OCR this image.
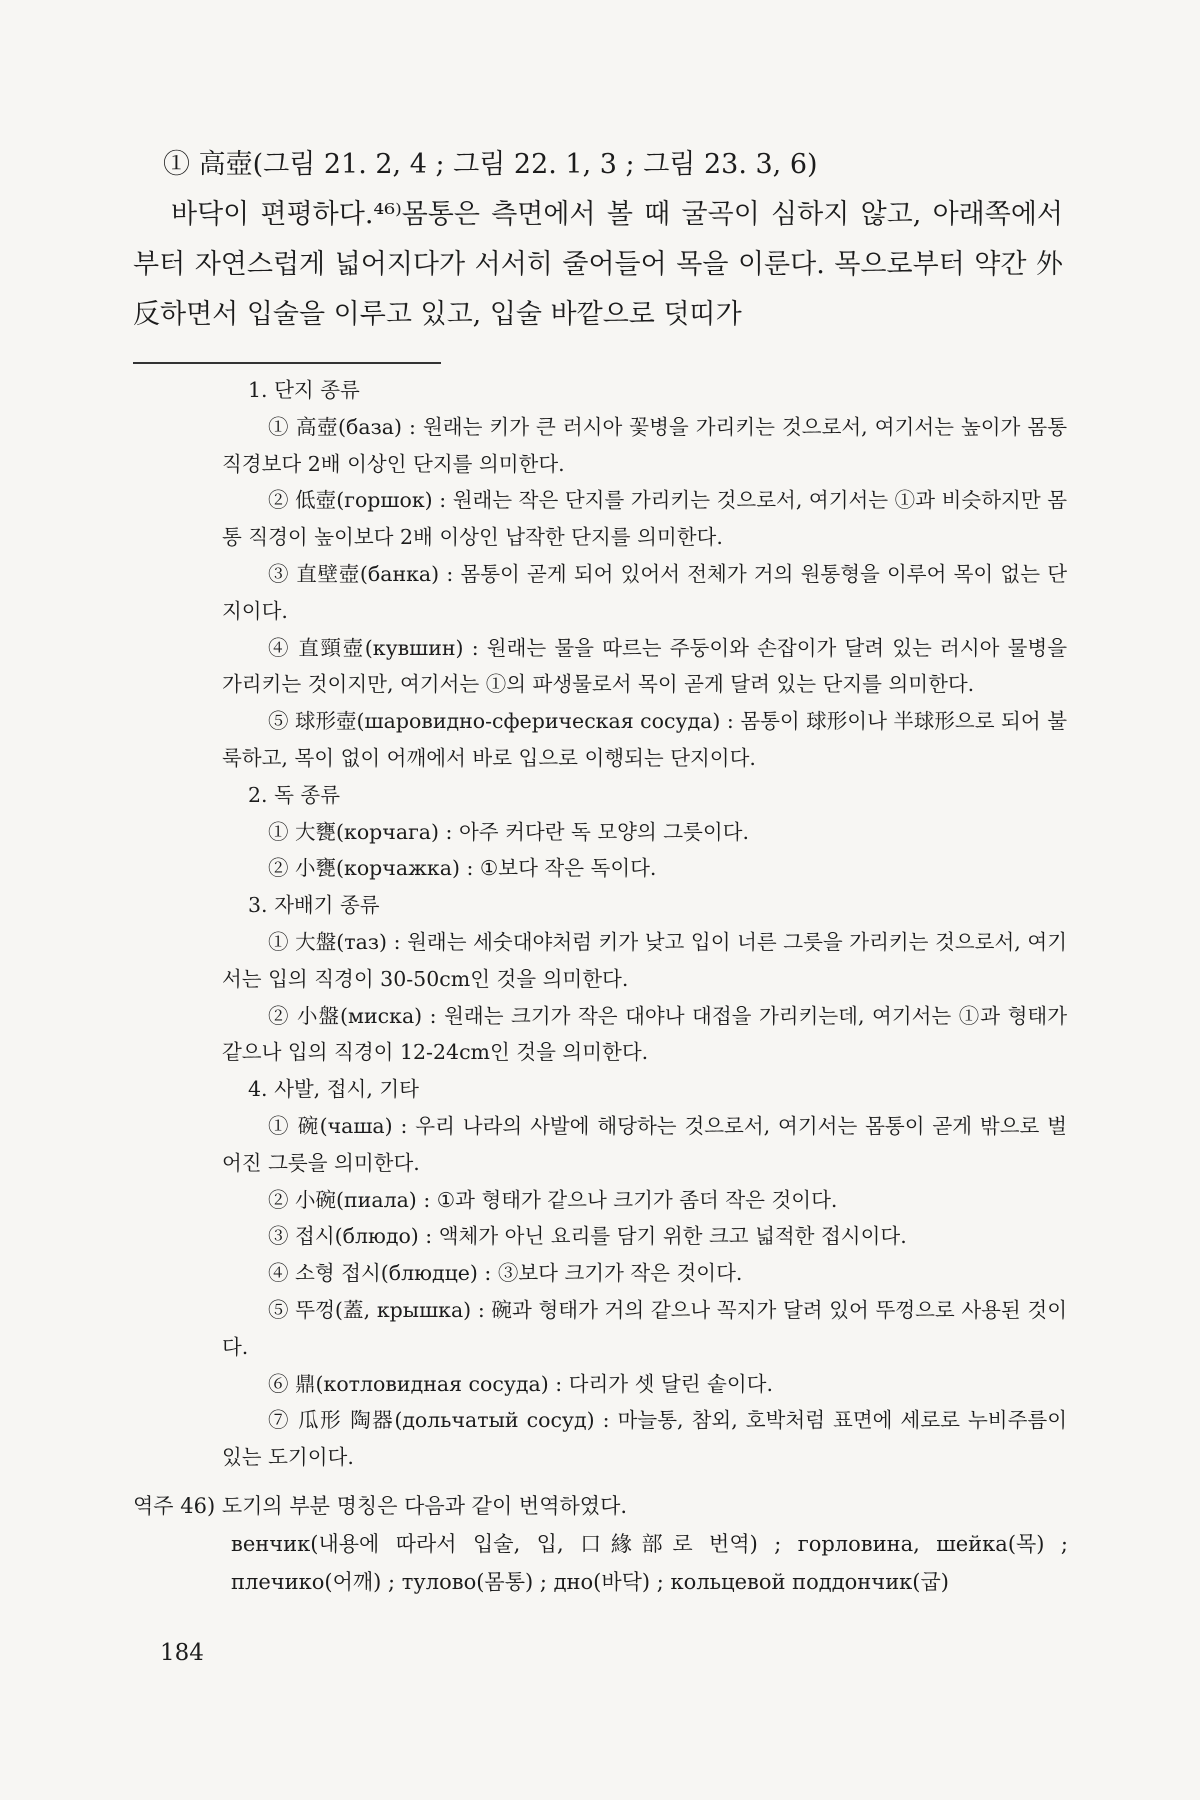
① 高壺(그림 21. 2, 4 ; 그림 22. 1, 3 ; 그림 23. 3, 6)

바닥이 편평하다.⁴⁶⁾몸통은 측면에서 볼 때 굴곡이 심하지 않고, 아래쪽에서부터 자연스럽게 넓어지다가 서서히 줄어들어 목을 이룬다. 목으로부터 약간 外反하면서 입술을 이루고 있고, 입술 바깥으로 덧띠가

1. 단지 종류

① 高壺(база) : 원래는 키가 큰 러시아 꽃병을 가리키는 것으로서, 여기서는 높이가 몸통 직경보다 2배 이상인 단지를 의미한다.

② 低壺(горшок) : 원래는 작은 단지를 가리키는 것으로서, 여기서는 ①과 비슷하지만 몸통 직경이 높이보다 2배 이상인 납작한 단지를 의미한다.

③ 直壁壺(банка) : 몸통이 곧게 되어 있어서 전체가 거의 원통형을 이루어 목이 없는 단지이다.

④ 直頸壺(кувшин) : 원래는 물을 따르는 주둥이와 손잡이가 달려 있는 러시아 물병을 가리키는 것이지만, 여기서는 ①의 파생물로서 목이 곧게 달려 있는 단지를 의미한다.

⑤ 球形壺(шаровидно-сферическая сосуда) : 몸통이 球形이나 半球形으로 되어 불룩하고, 목이 없이 어깨에서 바로 입으로 이행되는 단지이다.

2. 독 종류

① 大甕(корчага) : 아주 커다란 독 모양의 그릇이다.

② 小甕(корчажка) : ①보다 작은 독이다.

3. 자배기 종류

① 大盤(таз) : 원래는 세숫대야처럼 키가 낮고 입이 너른 그릇을 가리키는 것으로서, 여기서는 입의 직경이 30-50cm인 것을 의미한다.

② 小盤(миска) : 원래는 크기가 작은 대야나 대접을 가리키는데, 여기서는 ①과 형태가 같으나 입의 직경이 12-24cm인 것을 의미한다.

4. 사발, 접시, 기타

① 碗(чаша) : 우리 나라의 사발에 해당하는 것으로서, 여기서는 몸통이 곧게 밖으로 벌어진 그릇을 의미한다.

② 小碗(пиала) : ①과 형태가 같으나 크기가 좀더 작은 것이다.

③ 접시(блюдо) : 액체가 아닌 요리를 담기 위한 크고 넓적한 접시이다.

④ 소형 접시(блюдце) : ③보다 크기가 작은 것이다.

⑤ 뚜껑(蓋, крышка) : 碗과 형태가 거의 같으나 꼭지가 달려 있어 뚜껑으로 사용된 것이다.

⑥ 鼎(котловидная сосуда) : 다리가 셋 달린 솥이다.

⑦ 瓜形 陶器(дольчатый сосуд) : 마늘통, 참외, 호박처럼 표면에 세로로 누비주름이 있는 도기이다.

역주 46) 도기의 부분 명칭은 다음과 같이 번역하였다.

венчик(내용에 따라서 입술, 입, 口緣部로 번역) ; горловина, шейка(목) ; плечико(어깨) ; тулово(몸통) ; дно(바닥) ; кольцевой поддончик(굽)

184
